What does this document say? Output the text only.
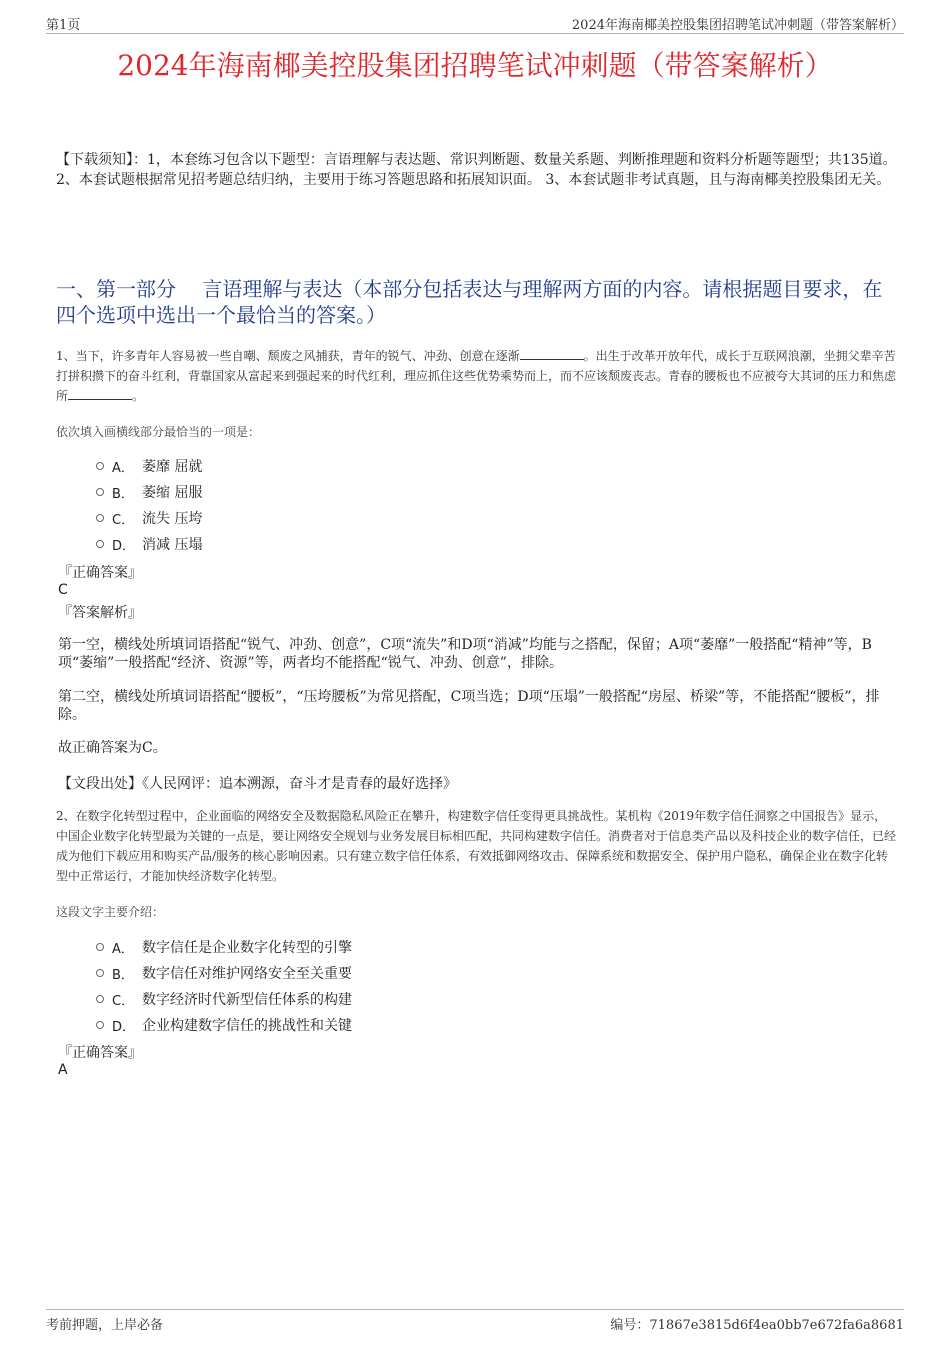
第1页	2024年海南椰美控股集团招聘笔试冲刺题（带答案解析）
2024年海南椰美控股集团招聘笔试冲刺题（带答案解析）
【下载须知】：1，本套练习包含以下题型：言语理解与表达题、常识判断题、数量关系题、判断推理题和资料分析题等题型；共135道。 2、本套试题根据常见招考题总结归纳，主要用于练习答题思路和拓展知识面。 3、本套试题非考试真题，且与海南椰美控股集团无关。
一、第一部分　 言语理解与表达（本部分包括表达与理解两方面的内容。请根据题目要求，在四个选项中选出一个最恰当的答案。）
1、当下，许多青年人容易被一些自嘲、颓废之风捕获，青年的锐气、冲劲、创意在逐渐	。出生于改革开放年代，成长于互联网浪潮，坐拥父辈辛苦打拼积攒下的奋斗红利，背靠国家从富起来到强起来的时代红利，理应抓住这些优势乘势而上，而不应该颓废丧志。青春的腰板也不应被夸大其词的压力和焦虑所	。
依次填入画横线部分最恰当的一项是：
A． 萎靡 屈就
B． 萎缩 屈服
C． 流失 压垮
D． 消减 压塌
『正确答案』
C
『答案解析』
第一空，横线处所填词语搭配“锐气、冲劲、创意”，C项“流失”和D项“消减”均能与之搭配，保留；A项“萎靡”一般搭配“精神”等，B项“萎缩”一般搭配“经济、资源”等，两者均不能搭配“锐气、冲劲、创意”，排除。
第二空，横线处所填词语搭配“腰板”，“压垮腰板”为常见搭配，C项当选；D项“压塌”一般搭配“房屋、桥梁”等，不能搭配“腰板”，排除。
故正确答案为C。
【文段出处】《人民网评：追本溯源，奋斗才是青春的最好选择》
2、在数字化转型过程中，企业面临的网络安全及数据隐私风险正在攀升，构建数字信任变得更具挑战性。某机构《2019年数字信任洞察之中国报告》显示，中国企业数字化转型最为关键的一点是，要让网络安全规划与业务发展目标相匹配，共同构建数字信任。消费者对于信息类产品以及科技企业的数字信任，已经成为他们下载应用和购买产品/服务的核心影响因素。只有建立数字信任体系，有效抵御网络攻击、保障系统和数据安全、保护用户隐私，确保企业在数字化转型中正常运行，才能加快经济数字化转型。
这段文字主要介绍：
A． 数字信任是企业数字化转型的引擎
B． 数字信任对维护网络安全至关重要
C． 数字经济时代新型信任体系的构建
D． 企业构建数字信任的挑战性和关键
『正确答案』
A
考前押题，上岸必备	编号：71867e3815d6f4ea0bb7e672fa6a8681
